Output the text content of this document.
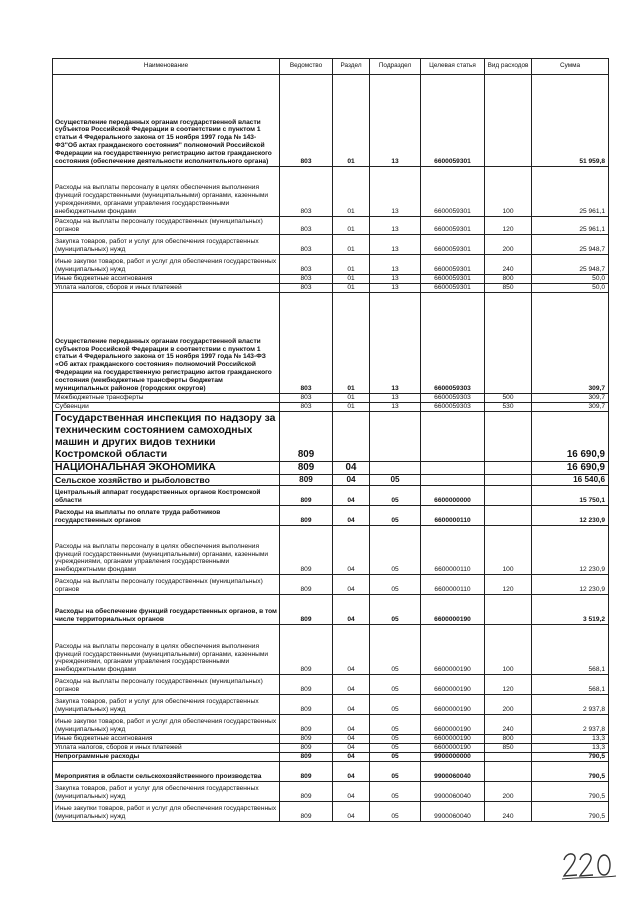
Наименование	Ведомство	Раздел	Подраздел	Целевая статья	Вид расходов	Сумма
Осуществление переданных органам государственной власти субъектов Российской Федерации в соответствии с пунктом 1 статьи 4 Федерального закона от 15 ноября 1997 года № 143-ФЗ"Об актах гражданского состояния" полномочий Российской Федерации на государственную регистрацию актов гражданского состояния (обеспечение деятельности исполнительного органа)	803	01	13	6600059301		51 959,8
Расходы на выплаты персоналу в целях обеспечения выполнения функций государственными (муниципальными) органами, казенными учреждениями, органами управления государственными внебюджетными фондами	803	01	13	6600059301	100	25 961,1
Расходы на выплаты персоналу государственных (муниципальных) органов	803	01	13	6600059301	120	25 961,1
Закупка товаров, работ и услуг для обеспечения государственных (муниципальных) нужд	803	01	13	6600059301	200	25 948,7
Иные закупки товаров, работ и услуг для обеспечения государственных (муниципальных) нужд	803	01	13	6600059301	240	25 948,7
Иные бюджетные ассигнования	803	01	13	6600059301	800	50,0
Уплата налогов, сборов и иных платежей	803	01	13	6600059301	850	50,0
Осуществление переданных органам государственной власти субъектов Российской Федерации в соответствии с пунктом 1 статьи 4 Федерального закона от 15 ноября 1997 года № 143-ФЗ «Об актах гражданского состояния» полномочий Российской Федерации на государственную регистрацию актов гражданского состояния (межбюджетные трансферты бюджетам муниципальных районов (городских округов)	803	01	13	6600059303		309,7
Межбюджетные трансферты	803	01	13	6600059303	500	309,7
Субвенции	803	01	13	6600059303	530	309,7
Государственная инспекция по надзору за техническим состоянием самоходных машин и других видов техники Костромской области	809					16 690,9
НАЦИОНАЛЬНАЯ ЭКОНОМИКА	809	04				16 690,9
Сельское хозяйство и рыболовство	809	04	05			16 540,6
Центральный аппарат государственных органов Костромской области	809	04	05	6600000000		15 750,1
Расходы на выплаты по оплате труда работников государственных органов	809	04	05	6600000110		12 230,9
Расходы на выплаты персоналу в целях обеспечения выполнения функций государственными (муниципальными) органами, казенными учреждениями, органами управления государственными внебюджетными фондами	809	04	05	6600000110	100	12 230,9
Расходы на выплаты персоналу государственных (муниципальных) органов	809	04	05	6600000110	120	12 230,9
Расходы на обеспечение функций государственных органов, в том числе территориальных органов	809	04	05	6600000190		3 519,2
Расходы на выплаты персоналу в целях обеспечения выполнения функций государственными (муниципальными) органами, казенными учреждениями, органами управления государственными внебюджетными фондами	809	04	05	6600000190	100	568,1
Расходы на выплаты персоналу государственных (муниципальных) органов	809	04	05	6600000190	120	568,1
Закупка товаров, работ и услуг для обеспечения государственных (муниципальных) нужд	809	04	05	6600000190	200	2 937,8
Иные закупки товаров, работ и услуг для обеспечения государственных (муниципальных) нужд	809	04	05	6600000190	240	2 937,8
Иные бюджетные ассигнования	809	04	05	6600000190	800	13,3
Уплата налогов, сборов и иных платежей	809	04	05	6600000190	850	13,3
Непрограммные расходы	809	04	05	9900000000		790,5
Мероприятия в области сельскохозяйственного производства	809	04	05	9900060040		790,5
Закупка товаров, работ и услуг для обеспечения государственных (муниципальных) нужд	809	04	05	9900060040	200	790,5
Иные закупки товаров, работ и услуг для обеспечения государственных (муниципальных) нужд	809	04	05	9900060040	240	790,5
